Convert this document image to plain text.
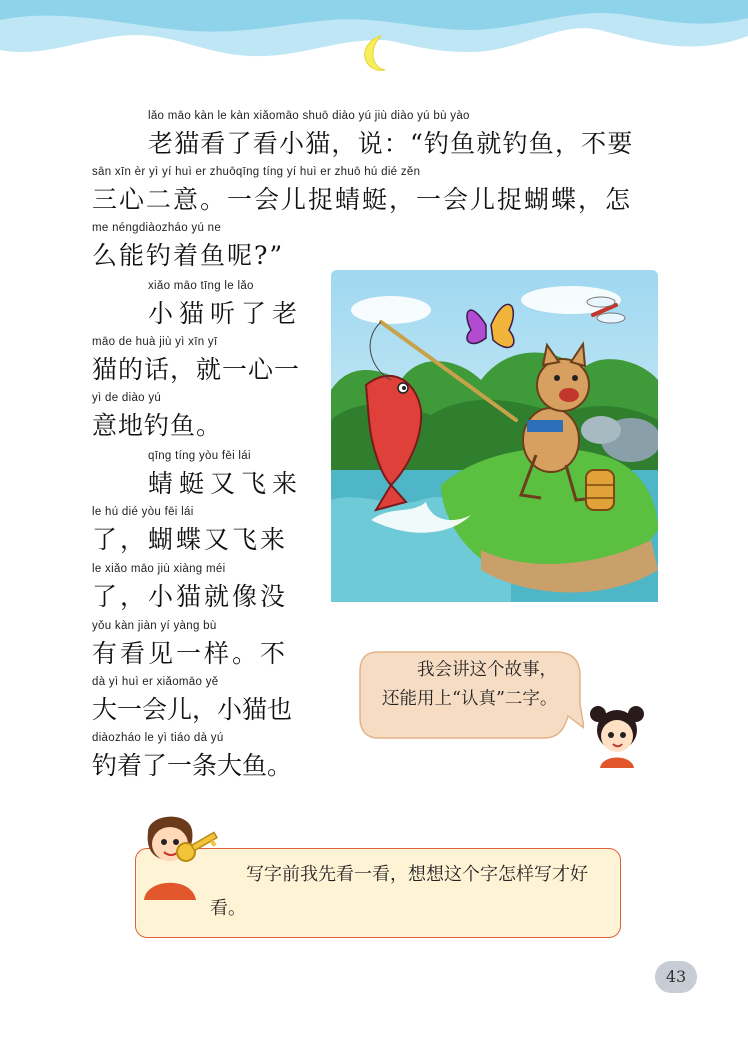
lǎo māo kàn le kàn xiǎomāo shuō diào yú jiù diào yú bù yào
老猫看了看小猫，说：“钓鱼就钓鱼，不要
sān xīn èr yì yí huì er zhuōqīng tíng yí huì er zhuō hú dié zěn
三心二意。一会儿捉蜻蜓，一会儿捉蝴蝶，怎
me néngdiàozháo yú ne
么能钓着鱼呢?”
xiǎo māo tīng le lǎo
小猫听了老
māo de huà jiù yì xīn yī
猫的话，就一心一
yì de diào yú
意地钓鱼。
qīng tíng yòu fēi lái
蜻蜓又飞来
le hú dié yòu fēi lái
了，蝴蝶又飞来
le xiǎo māo jiù xiàng méi
了，小猫就像没
yǒu kàn jiàn yí yàng bù
有看见一样。不
dà yì huì er xiǎomāo yě
大一会儿，小猫也
diàozháo le yì tiáo dà yú
钓着了一条大鱼。
我会讲这个故事，还能用上“认真”二字。
写字前我先看一看，想想这个字怎样写才好看。
43
